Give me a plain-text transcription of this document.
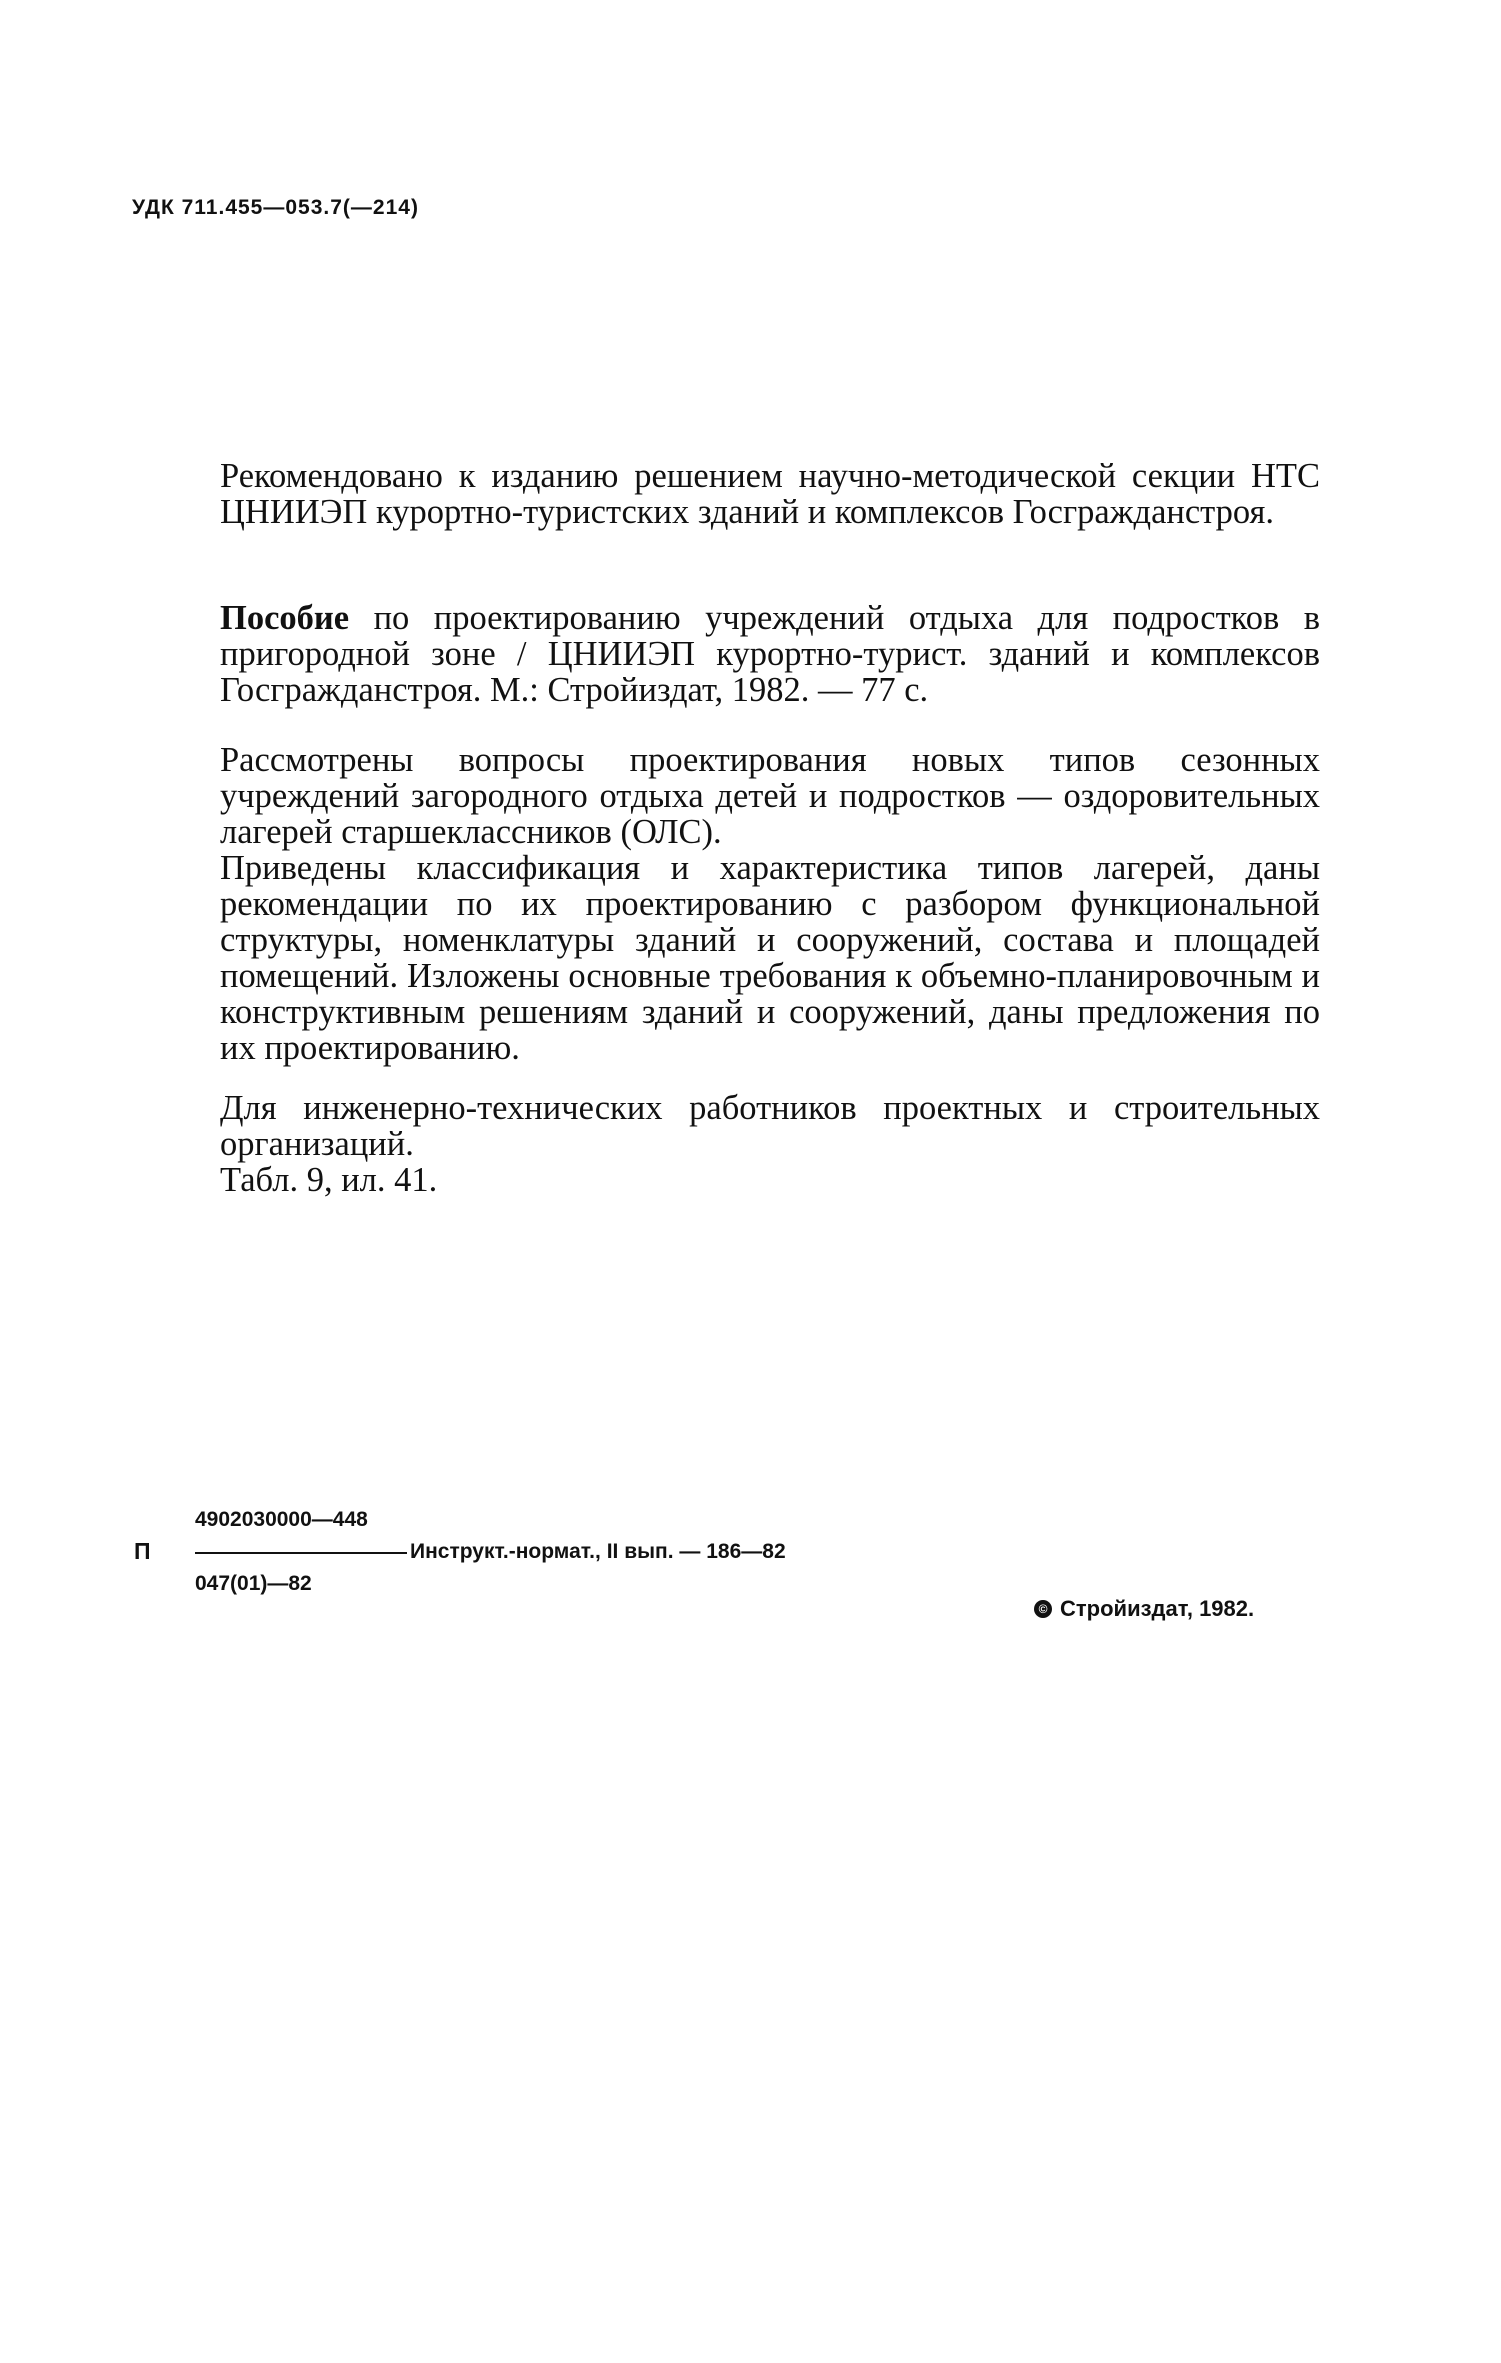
УДК 711.455—053.7(—214)

Рекомендовано к изданию решением научно-методической секции НТС ЦНИИЭП курортно-туристских зданий и комплексов Госгражданстроя.

Пособие по проектированию учреждений отдыха для подростков в пригородной зоне / ЦНИИЭП курортно-турист. зданий и комплексов Госгражданстроя. М.: Стройиздат, 1982. — 77 с.

Рассмотрены вопросы проектирования новых типов сезонных учреждений загородного отдыха детей и подростков — оздоровительных лагерей старшеклассников (ОЛС).

Приведены классификация и характеристика типов лагерей, даны рекомендации по их проектированию с разбором функциональной структуры, номенклатуры зданий и сооружений, состава и площадей помещений. Изложены основные требования к объемно-планировочным и конструктивным решениям зданий и сооружений, даны предложения по их проектированию.

Для инженерно-технических работников проектных и строительных организаций.

Табл. 9, ил. 41.

П
4902030000—448
Инструкт.-нормат., II вып. — 186—82
047(01)—82
© Стройиздат, 1982.
